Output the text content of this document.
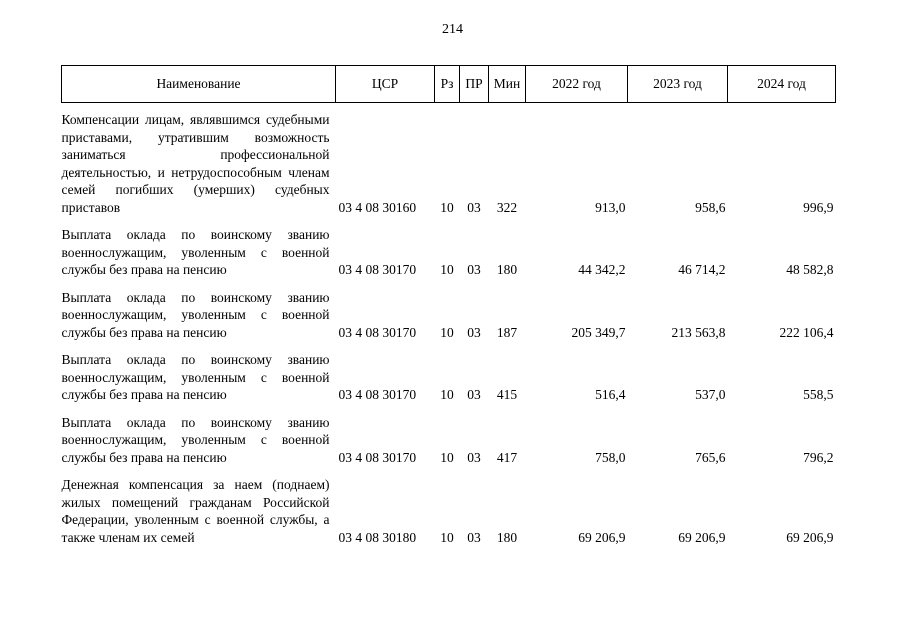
214
Наименование	ЦСР	Рз	ПР	Мин	2022 год	2023 год	2024 год

Компенсации лицам, являвшимся судебными приставами, утратившим возможность заниматься профессиональной деятельностью, и нетрудоспособным членам семей погибших (умерших) судебных приставов	03 4 08 30160	10	03	322	913,0	958,6	996,9

Выплата оклада по воинскому званию военнослужащим, уволенным с военной службы без права на пенсию	03 4 08 30170	10	03	180	44 342,2	46 714,2	48 582,8

Выплата оклада по воинскому званию военнослужащим, уволенным с военной службы без права на пенсию	03 4 08 30170	10	03	187	205 349,7	213 563,8	222 106,4

Выплата оклада по воинскому званию военнослужащим, уволенным с военной службы без права на пенсию	03 4 08 30170	10	03	415	516,4	537,0	558,5

Выплата оклада по воинскому званию военнослужащим, уволенным с военной службы без права на пенсию	03 4 08 30170	10	03	417	758,0	765,6	796,2

Денежная компенсация за наем (поднаем) жилых помещений гражданам Российской Федерации, уволенным с военной службы, а также членам их семей	03 4 08 30180	10	03	180	69 206,9	69 206,9	69 206,9
